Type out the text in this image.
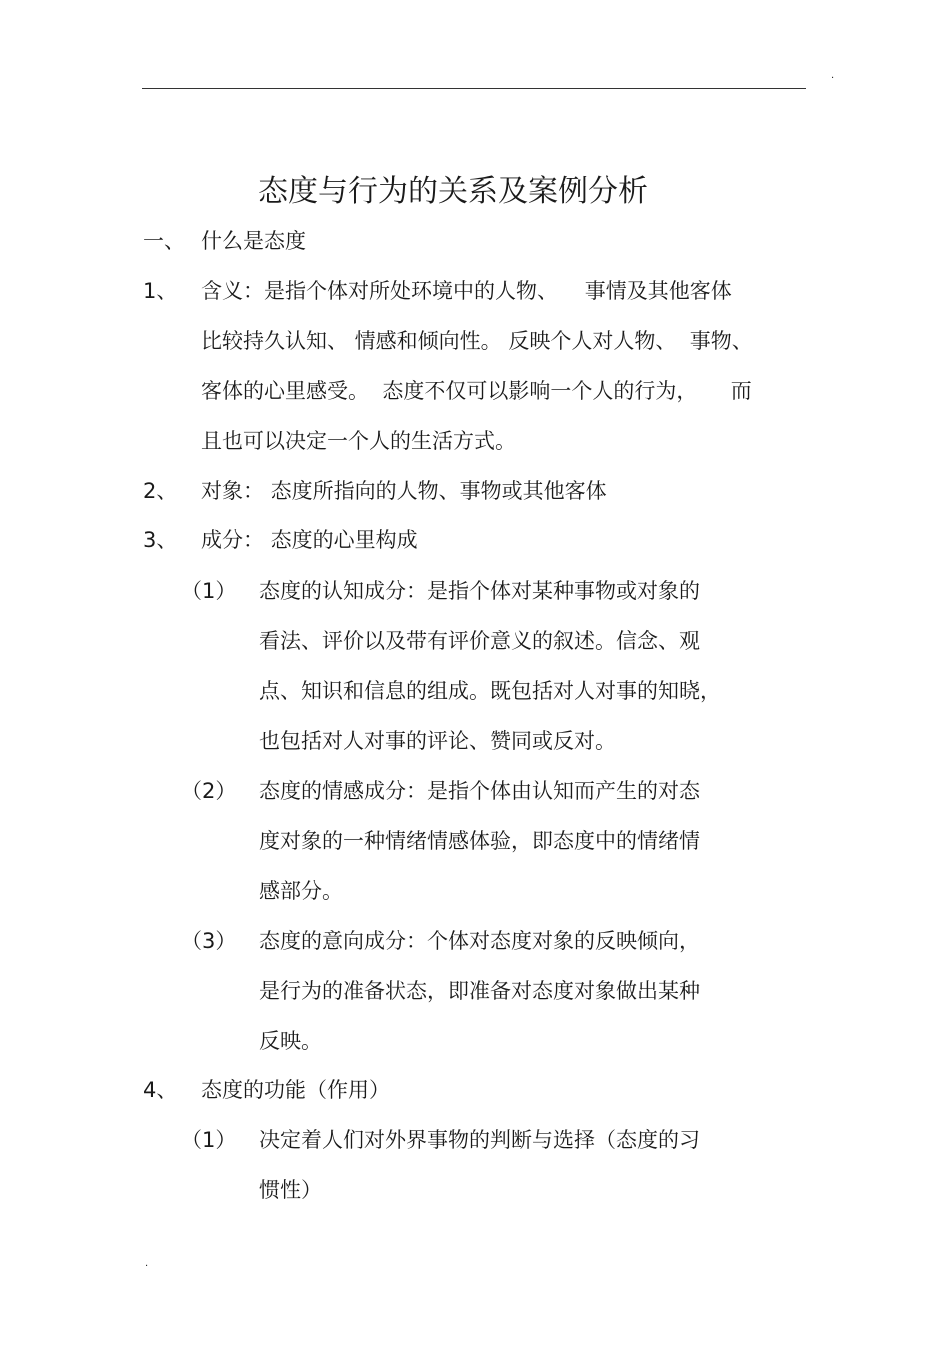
.
态度与行为的关系及案例分析
一、 什么是态度
1、 含义：是指个体对所处环境中的人物、    事情及其他客体
比较持久认知、 情感和倾向性。 反映个人对人物、  事物、
客体的心里感受。  态度不仅可以影响一个人的行为，     而
且也可以决定一个人的生活方式。
2、 对象： 态度所指向的人物、事物或其他客体
3、 成分： 态度的心里构成
（1） 态度的认知成分：是指个体对某种事物或对象的
看法、评价以及带有评价意义的叙述。信念、观
点、知识和信息的组成。既包括对人对事的知晓，
也包括对人对事的评论、赞同或反对。
（2） 态度的情感成分：是指个体由认知而产生的对态
度对象的一种情绪情感体验，即态度中的情绪情
感部分。
（3） 态度的意向成分：个体对态度对象的反映倾向，
是行为的准备状态，即准备对态度对象做出某种
反映。
4、 态度的功能（作用）
（1） 决定着人们对外界事物的判断与选择（态度的习
惯性）
.
